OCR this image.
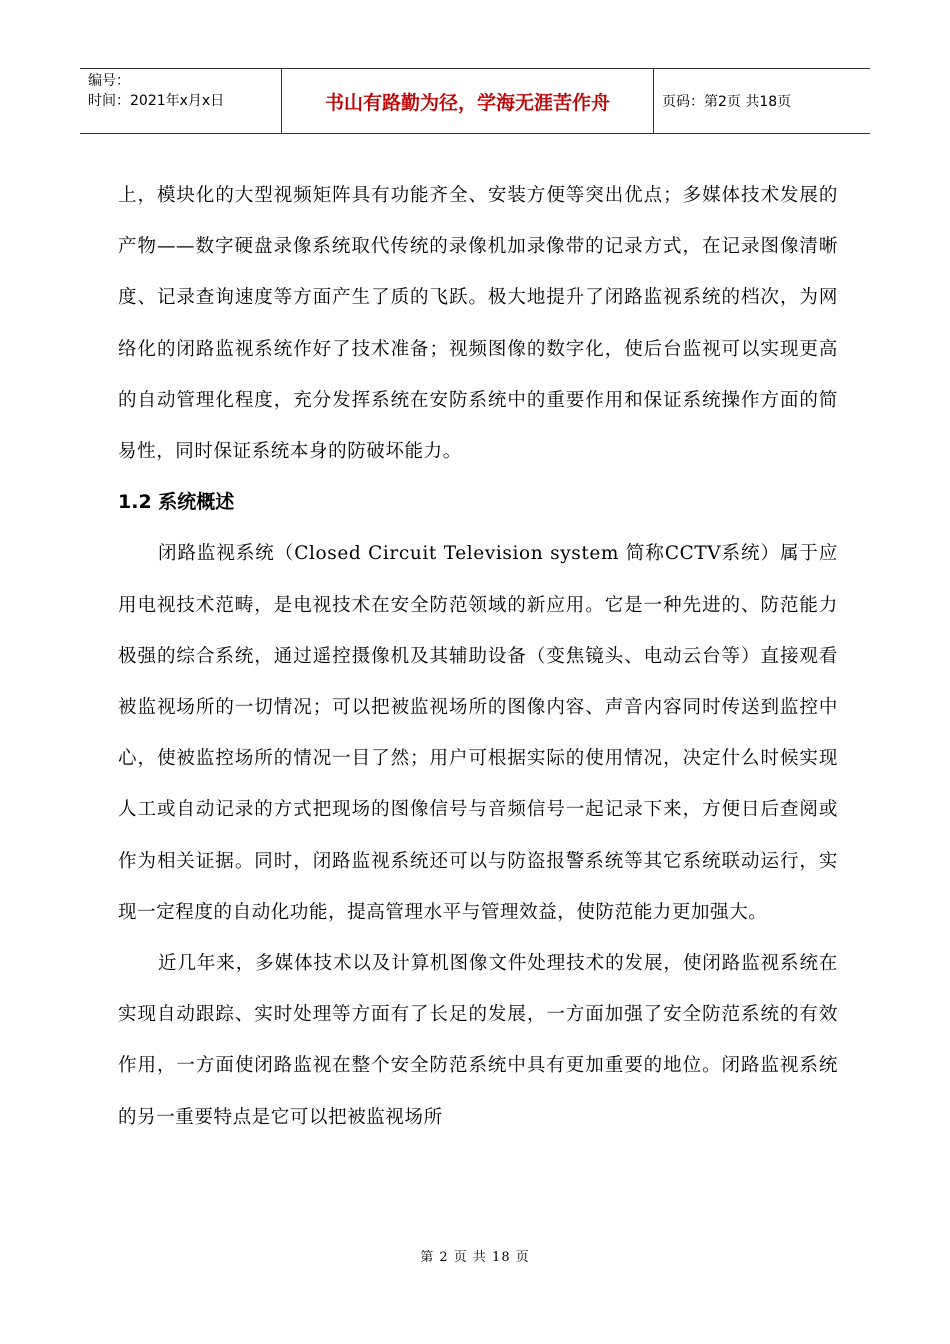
编号：
时间：2021年x月x日	书山有路勤为径，学海无涯苦作舟	页码：第2页 共18页

上，模块化的大型视频矩阵具有功能齐全、安装方便等突出优点；多媒体技术发展的产物——数字硬盘录像系统取代传统的录像机加录像带的记录方式，在记录图像清晰度、记录查询速度等方面产生了质的飞跃。极大地提升了闭路监视系统的档次，为网络化的闭路监视系统作好了技术准备；视频图像的数字化，使后台监视可以实现更高的自动管理化程度，充分发挥系统在安防系统中的重要作用和保证系统操作方面的简易性，同时保证系统本身的防破坏能力。

1.2 系统概述

闭路监视系统（Closed Circuit Television system 简称CCTV系统）属于应用电视技术范畴，是电视技术在安全防范领域的新应用。它是一种先进的、防范能力极强的综合系统，通过遥控摄像机及其辅助设备（变焦镜头、电动云台等）直接观看被监视场所的一切情况；可以把被监视场所的图像内容、声音内容同时传送到监控中心，使被监控场所的情况一目了然；用户可根据实际的使用情况，决定什么时候实现人工或自动记录的方式把现场的图像信号与音频信号一起记录下来，方便日后查阅或作为相关证据。同时，闭路监视系统还可以与防盗报警系统等其它系统联动运行，实现一定程度的自动化功能，提高管理水平与管理效益，使防范能力更加强大。

近几年来，多媒体技术以及计算机图像文件处理技术的发展，使闭路监视系统在实现自动跟踪、实时处理等方面有了长足的发展，一方面加强了安全防范系统的有效作用，一方面使闭路监视在整个安全防范系统中具有更加重要的地位。闭路监视系统的另一重要特点是它可以把被监视场所

第 2 页 共 18 页
